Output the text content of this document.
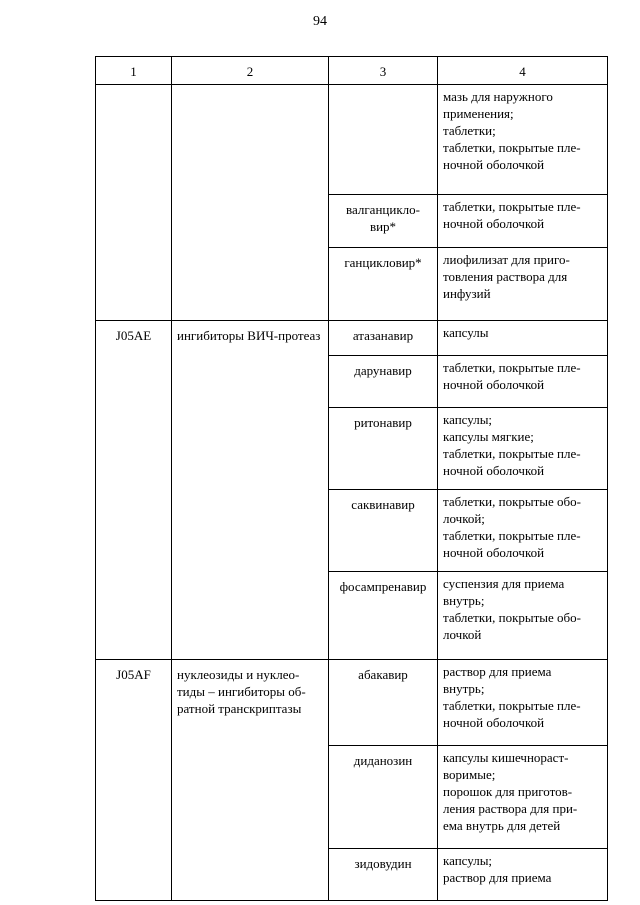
94
1	2	3	4

			мазь для наружного
применения;
таблетки;
таблетки, покрытые пле-
ночной оболочкой

		валганцикло-вир*	таблетки, покрытые пле-
ночной оболочкой

		ганцикловир*	лиофилизат для приго-
товления раствора для
инфузий

J05AE	ингибиторы ВИЧ-протеаз	атазанавир	капсулы

		дарунавир	таблетки, покрытые пле-
ночной оболочкой

		ритонавир	капсулы;
капсулы мягкие;
таблетки, покрытые пле-
ночной оболочкой

		саквинавир	таблетки, покрытые обо-
лочкой;
таблетки, покрытые пле-
ночной оболочкой

		фосампренавир	суспензия для приема
внутрь;
таблетки, покрытые обо-
лочкой

J05AF	нуклеозиды и нуклео-тиды – ингибиторы об-ратной транскриптазы	абакавир	раствор для приема
внутрь;
таблетки, покрытые пле-
ночной оболочкой

		диданозин	капсулы кишечнораст-
воримые;
порошок для приготов-
ления раствора для при-
ема внутрь для детей

		зидовудин	капсулы;
раствор для приема
